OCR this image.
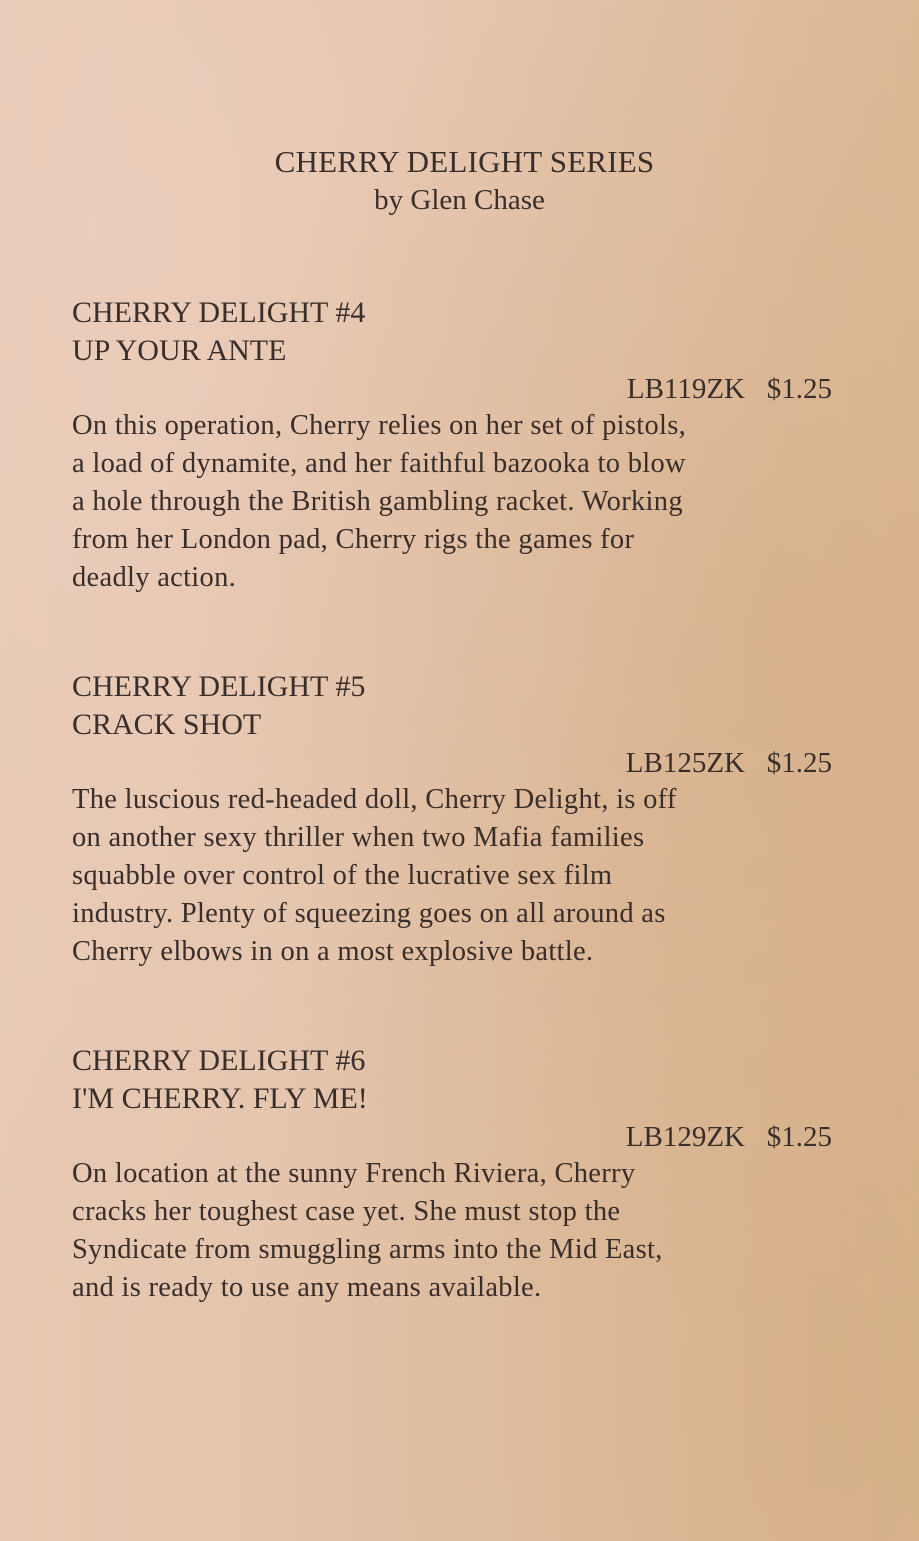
CHERRY DELIGHT SERIES
by Glen Chase
CHERRY DELIGHT #4
UP YOUR ANTE
LB119ZK $1.25
On this operation, Cherry relies on her set of pistols,
a load of dynamite, and her faithful bazooka to blow
a hole through the British gambling racket. Working
from her London pad, Cherry rigs the games for
deadly action.
CHERRY DELIGHT #5
CRACK SHOT
LB125ZK $1.25
The luscious red-headed doll, Cherry Delight, is off
on another sexy thriller when two Mafia families
squabble over control of the lucrative sex film
industry. Plenty of squeezing goes on all around as
Cherry elbows in on a most explosive battle.
CHERRY DELIGHT #6
I'M CHERRY. FLY ME!
LB129ZK $1.25
On location at the sunny French Riviera, Cherry
cracks her toughest case yet. She must stop the
Syndicate from smuggling arms into the Mid East,
and is ready to use any means available.
